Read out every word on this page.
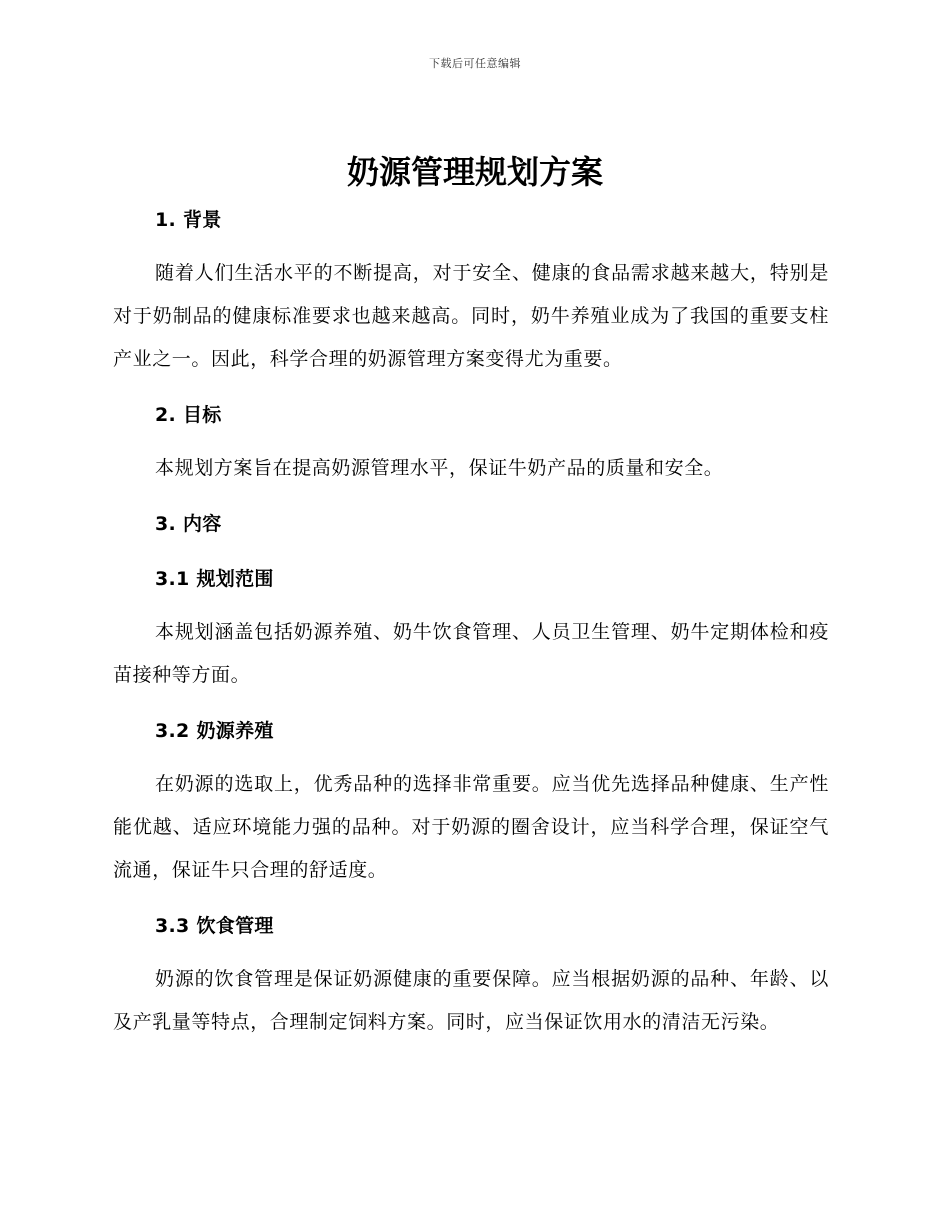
下载后可任意编辑
奶源管理规划方案
1. 背景

随着人们生活水平的不断提高，对于安全、健康的食品需求越来越大，特别是对于奶制品的健康标准要求也越来越高。同时，奶牛养殖业成为了我国的重要支柱产业之一。因此，科学合理的奶源管理方案变得尤为重要。

2. 目标

本规划方案旨在提高奶源管理水平，保证牛奶产品的质量和安全。

3. 内容
3.1 规划范围

本规划涵盖包括奶源养殖、奶牛饮食管理、人员卫生管理、奶牛定期体检和疫苗接种等方面。

3.2 奶源养殖

在奶源的选取上，优秀品种的选择非常重要。应当优先选择品种健康、生产性能优越、适应环境能力强的品种。对于奶源的圈舍设计，应当科学合理，保证空气流通，保证牛只合理的舒适度。

3.3 饮食管理

奶源的饮食管理是保证奶源健康的重要保障。应当根据奶源的品种、年龄、以及产乳量等特点，合理制定饲料方案。同时，应当保证饮用水的清洁无污染。
